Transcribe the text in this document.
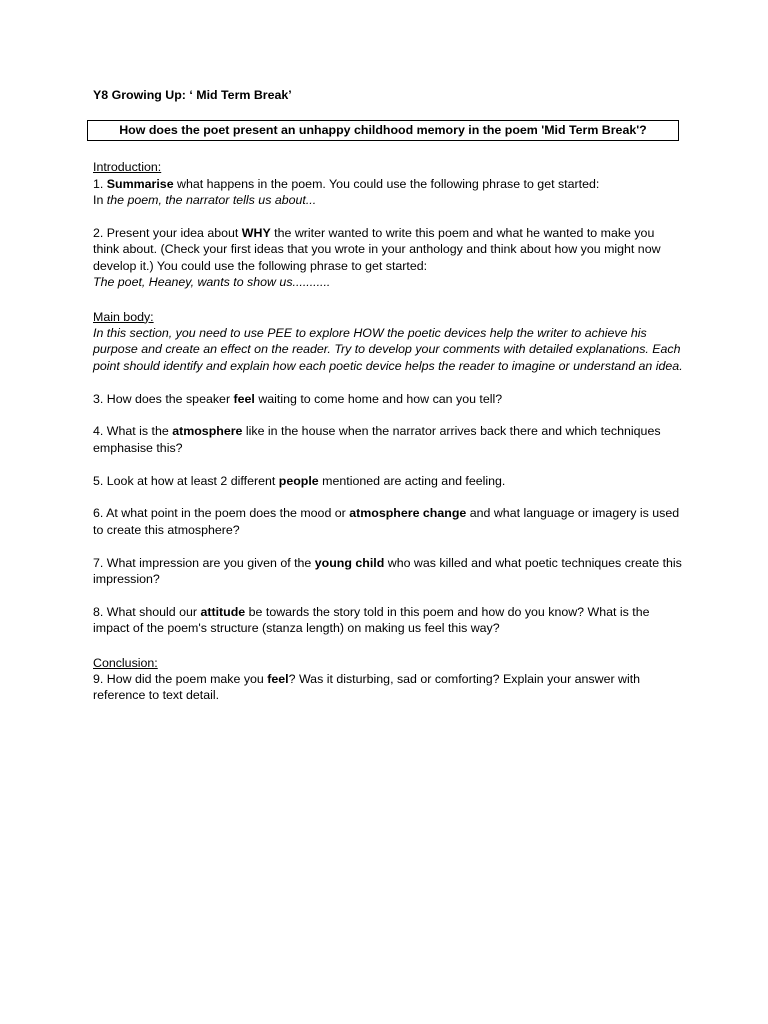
Y8 Growing Up: ‘ Mid Term Break’

How does the poet present an unhappy childhood memory in the poem 'Mid Term Break'?
Introduction:

1. Summarise what happens in the poem. You could use the following phrase to get started:

In the poem, the narrator tells us about...

2. Present your idea about WHY the writer wanted to write this poem and what he wanted to make you think about. (Check your first ideas that you wrote in your anthology and think about how you might now develop it.) You could use the following phrase to get started:

The poet, Heaney, wants to show us...........

Main body:

In this section, you need to use PEE to explore HOW the poetic devices help the writer to achieve his purpose and create an effect on the reader. Try to develop your comments with detailed explanations. Each point should identify and explain how each poetic device helps the reader to imagine or understand an idea.

3. How does the speaker feel waiting to come home and how can you tell?

4. What is the atmosphere like in the house when the narrator arrives back there and which techniques emphasise this?

5. Look at how at least 2 different people mentioned are acting and feeling.

6. At what point in the poem does the mood or atmosphere change and what language or imagery is used to create this atmosphere?

7. What impression are you given of the young child who was killed and what poetic techniques create this impression?

8. What should our attitude be towards the story told in this poem and how do you know? What is the impact of the poem's structure (stanza length) on making us feel this way?

Conclusion:

9. How did the poem make you feel? Was it disturbing, sad or comforting? Explain your answer with reference to text detail.
